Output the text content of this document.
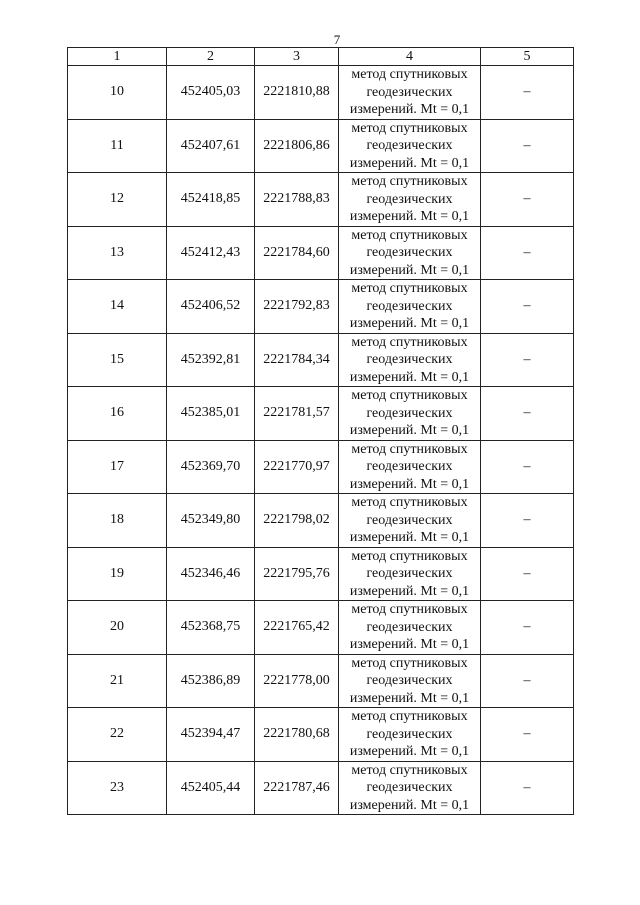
7
1	2	3	4	5
10	452405,03	2221810,88	метод спутниковых
геодезических
измерений. Mt = 0,1	–
11	452407,61	2221806,86	метод спутниковых
геодезических
измерений. Mt = 0,1	–
12	452418,85	2221788,83	метод спутниковых
геодезических
измерений. Mt = 0,1	–
13	452412,43	2221784,60	метод спутниковых
геодезических
измерений. Mt = 0,1	–
14	452406,52	2221792,83	метод спутниковых
геодезических
измерений. Mt = 0,1	–
15	452392,81	2221784,34	метод спутниковых
геодезических
измерений. Mt = 0,1	–
16	452385,01	2221781,57	метод спутниковых
геодезических
измерений. Mt = 0,1	–
17	452369,70	2221770,97	метод спутниковых
геодезических
измерений. Mt = 0,1	–
18	452349,80	2221798,02	метод спутниковых
геодезических
измерений. Mt = 0,1	–
19	452346,46	2221795,76	метод спутниковых
геодезических
измерений. Mt = 0,1	–
20	452368,75	2221765,42	метод спутниковых
геодезических
измерений. Mt = 0,1	–
21	452386,89	2221778,00	метод спутниковых
геодезических
измерений. Mt = 0,1	–
22	452394,47	2221780,68	метод спутниковых
геодезических
измерений. Mt = 0,1	–
23	452405,44	2221787,46	метод спутниковых
геодезических
измерений. Mt = 0,1	–
